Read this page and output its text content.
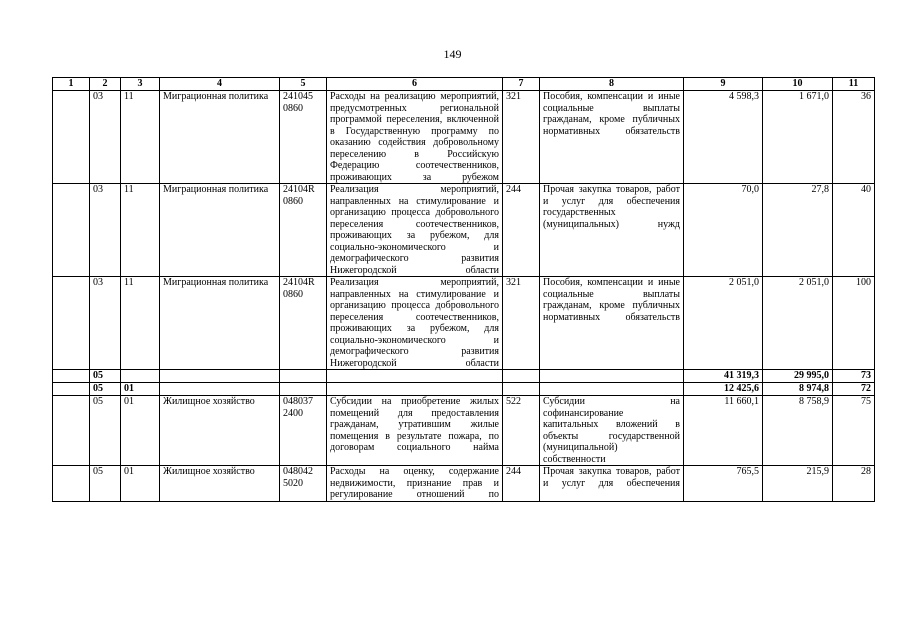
149
1	2	3	4	5	6	7	8	9	10	11
	03	11	Миграционная политика	241045 0860	Расходы на реализацию мероприятий, предусмотренных региональной программой переселения, включенной в Государственную программу по оказанию содействия добровольному переселению в Российскую Федерацию соотечественников, проживающих за рубежом	321	Пособия, компенсации и иные социальные выплаты гражданам, кроме публичных нормативных обязательств	4 598,3	1 671,0	36
	03	11	Миграционная политика	24104R 0860	Реализация мероприятий, направленных на стимулирование и организацию процесса добровольного переселения соотечественников, проживающих за рубежом, для социально-экономического и демографического развития Нижегородской области	244	Прочая закупка товаров, работ и услуг для обеспечения государственных (муниципальных) нужд	70,0	27,8	40
	03	11	Миграционная политика	24104R 0860	Реализация мероприятий, направленных на стимулирование и организацию процесса добровольного переселения соотечественников, проживающих за рубежом, для социально-экономического и демографического развития Нижегородской области	321	Пособия, компенсации и иные социальные выплаты гражданам, кроме публичных нормативных обязательств	2 051,0	2 051,0	100
	05							41 319,3	29 995,0	73
	05	01						12 425,6	8 974,8	72
	05	01	Жилищное хозяйство	048037 2400	Субсидии на приобретение жилых помещений для предоставления гражданам, утратившим жилые помещения в результате пожара, по договорам социального найма	522	Субсидии на софинансирование капитальных вложений в объекты государственной (муниципальной) собственности	11 660,1	8 758,9	75
	05	01	Жилищное хозяйство	048042 5020	Расходы на оценку, содержание недвижимости, признание прав и регулирование отношений по	244	Прочая закупка товаров, работ и услуг для обеспечения	765,5	215,9	28
